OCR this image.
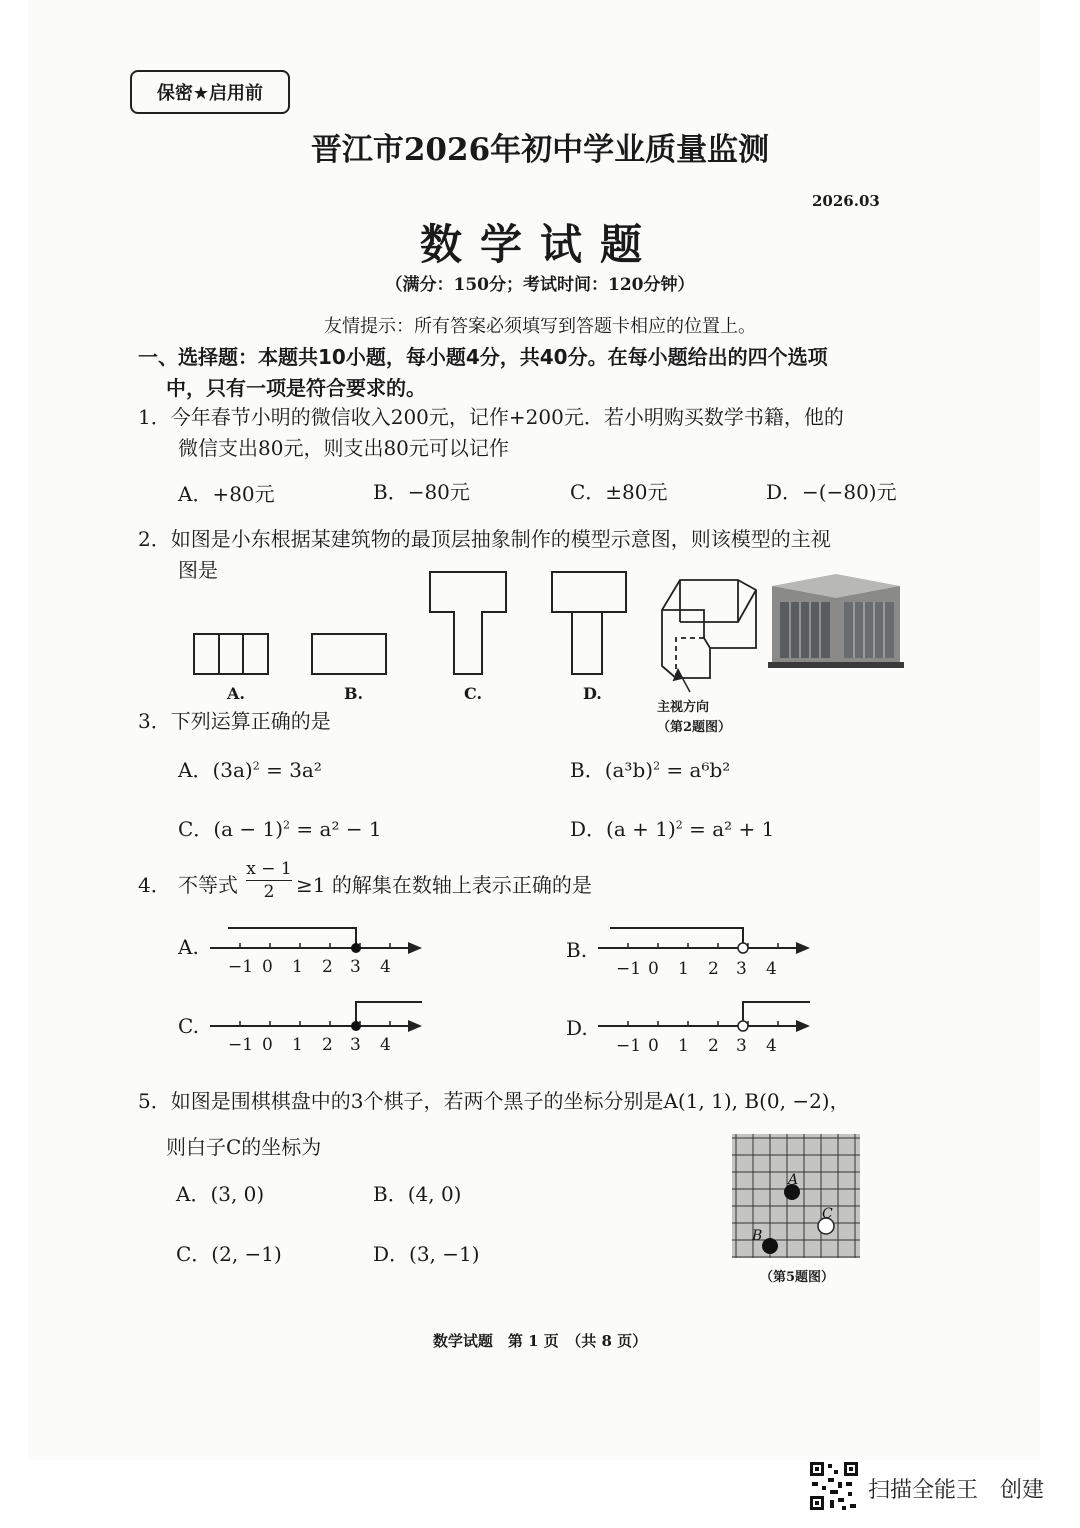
保密★启用前
晋江市2026年初中学业质量监测
2026.03
数学试题
（满分：150分；考试时间：120分钟）
友情提示：所有答案必须填写到答题卡相应的位置上。
一、选择题：本题共10小题，每小题4分，共40分。在每小题给出的四个选项
中，只有一项是符合要求的。
1．今年春节小明的微信收入200元，记作+200元．若小明购买数学书籍，他的
微信支出80元，则支出80元可以记作
A．+80元	B．−80元	C．±80元	D．−(−80)元
2．如图是小东根据某建筑物的最顶层抽象制作的模型示意图，则该模型的主视
图是
A.	B.	C.	D.
主视方向
（第2题图）
3．下列运算正确的是
A．$(3a)^2 = 3a^2$	B．$(a^3b)^2 = a^6b^2$
C．$(a - 1)^2 = a^2 - 1$	D．$(a + 1)^2 = a^2 + 1$
4． 不等式 $\frac{x - 1}{2} \ge 1$ 的解集在数轴上表示正确的是
A.	B.
C.	D.
−1 0 1 2 3 4	−1 0 1 2 3 4
−1 0 1 2 3 4	−1 0 1 2 3 4
5．如图是围棋棋盘中的3个棋子，若两个黑子的坐标分别是A(1, 1), B(0, −2)，
则白子C的坐标为
A．(3, 0)	B．(4, 0)
C．(2, −1)	D．(3, −1)
A
B
C
（第5题图）
数学试题　第 1 页　（共 8 页）
扫描全能王　创建
